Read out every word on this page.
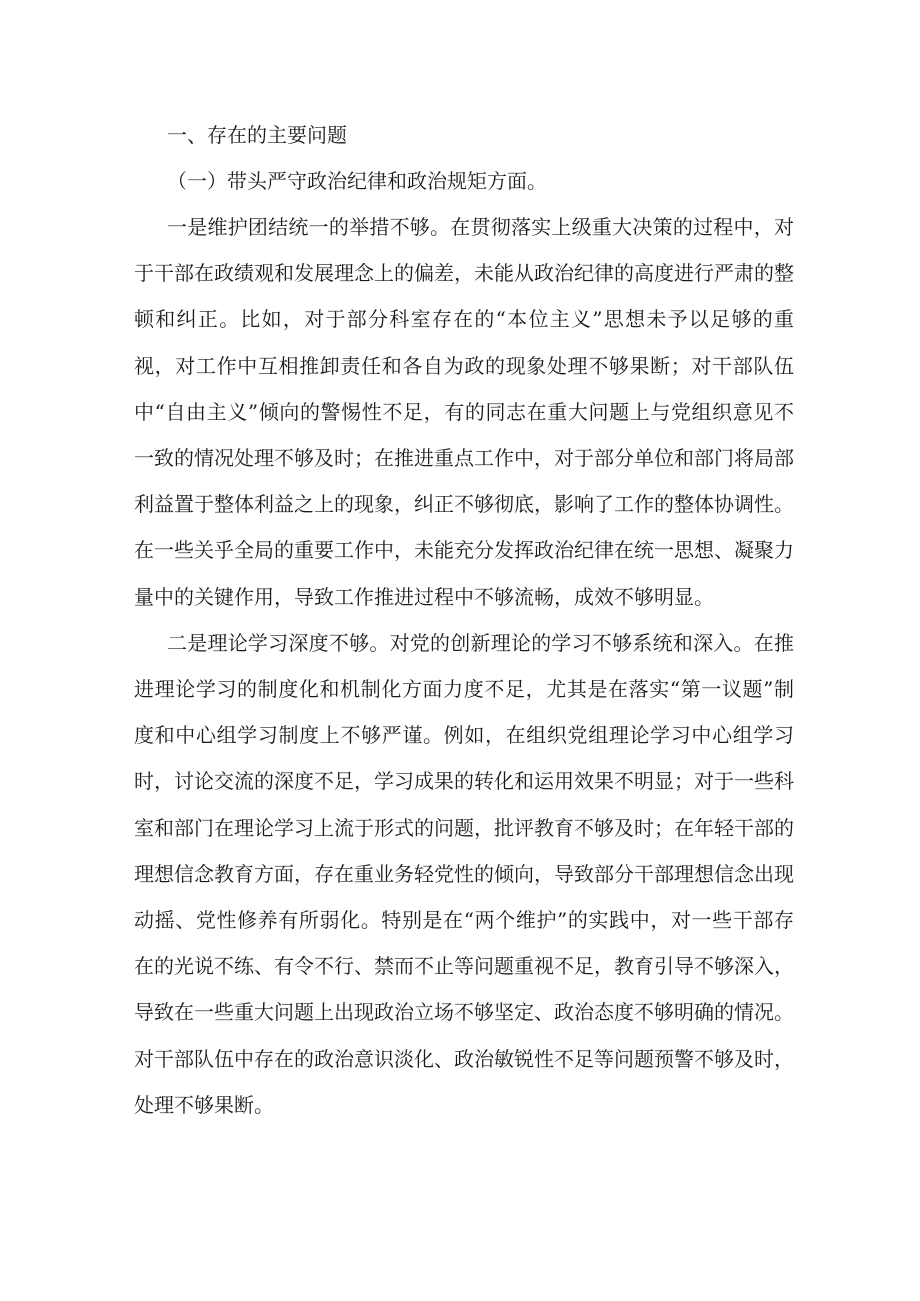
一、存在的主要问题

（一）带头严守政治纪律和政治规矩方面。

一是维护团结统一的举措不够。在贯彻落实上级重大决策的过程中，对于干部在政绩观和发展理念上的偏差，未能从政治纪律的高度进行严肃的整顿和纠正。比如，对于部分科室存在的“本位主义”思想未予以足够的重视，对工作中互相推卸责任和各自为政的现象处理不够果断；对干部队伍中“自由主义”倾向的警惕性不足，有的同志在重大问题上与党组织意见不一致的情况处理不够及时；在推进重点工作中，对于部分单位和部门将局部利益置于整体利益之上的现象，纠正不够彻底，影响了工作的整体协调性。在一些关乎全局的重要工作中，未能充分发挥政治纪律在统一思想、凝聚力量中的关键作用，导致工作推进过程中不够流畅，成效不够明显。

二是理论学习深度不够。对党的创新理论的学习不够系统和深入。在推进理论学习的制度化和机制化方面力度不足，尤其是在落实“第一议题”制度和中心组学习制度上不够严谨。例如，在组织党组理论学习中心组学习时，讨论交流的深度不足，学习成果的转化和运用效果不明显；对于一些科室和部门在理论学习上流于形式的问题，批评教育不够及时；在年轻干部的理想信念教育方面，存在重业务轻党性的倾向，导致部分干部理想信念出现动摇、党性修养有所弱化。特别是在“两个维护”的实践中，对一些干部存在的光说不练、有令不行、禁而不止等问题重视不足，教育引导不够深入，导致在一些重大问题上出现政治立场不够坚定、政治态度不够明确的情况。对干部队伍中存在的政治意识淡化、政治敏锐性不足等问题预警不够及时，处理不够果断。
